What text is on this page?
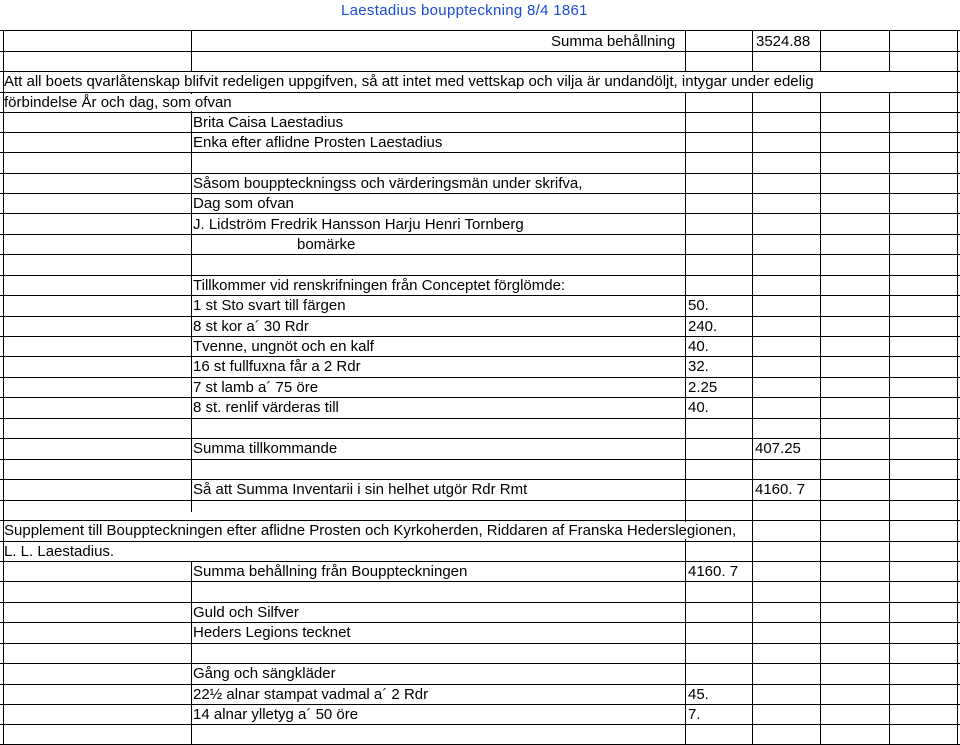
Laestadius bouppteckning 8/4 1861
Summa behållning	3524.88
Att all boets qvarlåtenskap blifvit redeligen uppgifven, så att intet med vettskap och vilja är undandöljt, intygar under edelig
förbindelse År och dag, som ofvan
Brita Caisa Laestadius
Enka efter aflidne Prosten Laestadius
Såsom bouppteckningss och värderingsmän under skrifva,
Dag som ofvan
J. Lidström Fredrik Hansson Harju Henri Tornberg
bomärke
Tillkommer vid renskrifningen från Conceptet förglömde:
1 st Sto svart till färgen	50.
8 st kor a´ 30 Rdr	240.
Tvenne, ungnöt och en kalf	40.
16 st fullfuxna får a 2 Rdr	32.
7 st lamb a´ 75 öre	2.25
8 st. renlif värderas till	40.
Summa tillkommande	407.25
Så att Summa Inventarii i sin helhet utgör Rdr Rmt	4160. 7
Supplement till Bouppteckningen efter aflidne Prosten och Kyrkoherden, Riddaren af Franska Hederslegionen,
L. L. Laestadius.
Summa behållning från Bouppteckningen	4160. 7
Guld och Silfver
Heders Legions tecknet
Gång och sängkläder
22½ alnar stampat vadmal a´ 2 Rdr	45.
14 alnar ylletyg a´ 50 öre	7.
